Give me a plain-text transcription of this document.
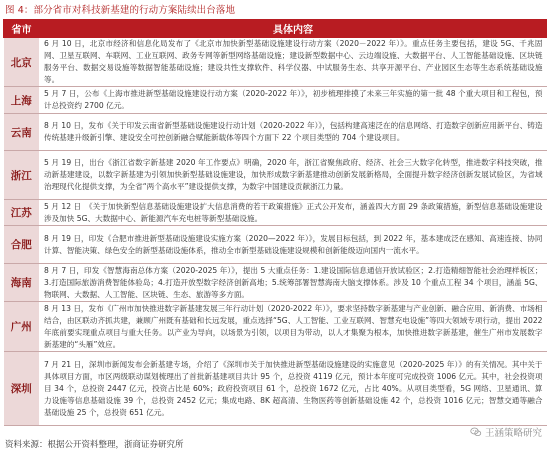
图 4：部分省市对科技新基建的行动方案陆续出台落地
省市	具体内容
北京	6 月 10 日，北京市经济和信息化局发布了《北京市加快新型基础设施建设行动方案（2020－2022 年）》。重点任务主要包括，建设 5G、千兆固网、卫星互联网、车联网、工业互联网、政务专网等新型网络基础设施；建设新型数据中心、云边端设施、大数据平台、人工智能基础设施、区块链服务平台、数据交易设施等数据智能基础设施；建设共性支撑软件、科学仪器、中试服务生态、共享开源平台、产业园区生态等生态系统基础设施等。
上海	5 月 7 日，公布《上海市推进新型基础设施建设行动方案（2020-2022 年）》，初步梳理排摸了未来三年实施的第一批 48 个重大项目和工程包，预计总投资约 2700 亿元。
云南	8 月 10 日，发布《关于印发云南省新型基础设施建设行动计划（2020-2022 年）》，包括构建高速泛在的信息网络、打造数字创新应用新平台、铸造传统基建升级新引擎、建设安全可控创新融合赋能新载体等四个方面下 22 个项目类型的 704 个建设项目。
浙江	5 月 19 日，出台《浙江省数字新基建 2020 年工作要点》明确，2020 年，浙江省聚焦政府、经济、社会三大数字化转型，推进数字科技突破，推动新基建建设，以数字新基建为引领加快新型基础设施建设，加快形成数字新基建推动创新发展新格局，全面提升数字经济创新发展试验区，为省域治理现代化提供支撑，为全省“两个高水平”建设提供支撑，为数字中国建设贡献浙江力量。
江苏	5 月 12 日　《关于加快新型信息基础设施建设扩大信息消费的若干政策措施》正式公开发布，涵盖四大方面 29 条政策措施，新型信息基础设施建设涉及加快 5G、大数据中心、新能源汽车充电桩等新型基础设施。
合肥	8 月 19 日，印发《合肥市推进新型基础设施建设实施方案（2020—2022 年）》，发展目标包括，到 2022 年，基本建成泛在感知、高速连接、协同计算、智能决策、绿色安全的新型基础设施体系，推动全市新型基础设施建设规模和创新能级迈向国内一流水平。
海南	8 月 7 日，印发《智慧海南总体方案（2020-2025 年）》，提出 5 大重点任务：1.建设国际信息通信开放试验区；2.打造精细智能社会治理样板区；3.打造国际旅游消费智能体验岛；4.打造开放型数字经济创新高地；5.统筹部署智慧海南大脑支撑体系。涉及 10 个重点工程 34 个项目，涵盖 5G、物联网、大数据、人工智能、区块链、生态、旅游等多方面。
广州	8 月 13 日，发布《广州市加快推进数字新基建发展三年行动计划（2020-2022 年）》，要求坚持数字新基建与产业创新、融合应用、新消费、市场相结合，由区联动齐抓共建，兼顾广州既有基础和长远发展，重点选择“5G、人工智能、工业互联网、智慧充电设施”等四大领域专项行动，提出 2022 年底前要实现重点项目与重大任务。以产业为导向，以场景为引领，以项目为带动，以人才集聚为根本，加快推进数字新基建，催生广州市发展数字新基建的“头雁”效应。
深圳	7 月 21 日，深圳市新闻发布会新基建专场，介绍了《深圳市关于加快推进新型基础设施建设的实施意见（2020-2025 年）》的有关情况。其中关于具体项目方面，市区两级联动谋划梳理出了首批新基建项目共计 95 个，总投资 4119 亿元，预计本年度可完成投资 1006 亿元。其中，社会投资项目 34 个，总投资 2447 亿元，投资占比是 60%；政府投资项目 61 个，总投资 1672 亿元，占比 40%。从项目类型看，5G 网络、卫星通讯、算力设施等信息基础设施 39 个，总投资 2452 亿元；集成电路、8K 超高清、生物医药等创新基础设施 42 个，总投资 1016 亿元；智慧交通等融合基础设施 25 个，总投资 651 亿元。
资料来源：根据公开资料整理，浙商证券研究所
王涵策略研究
